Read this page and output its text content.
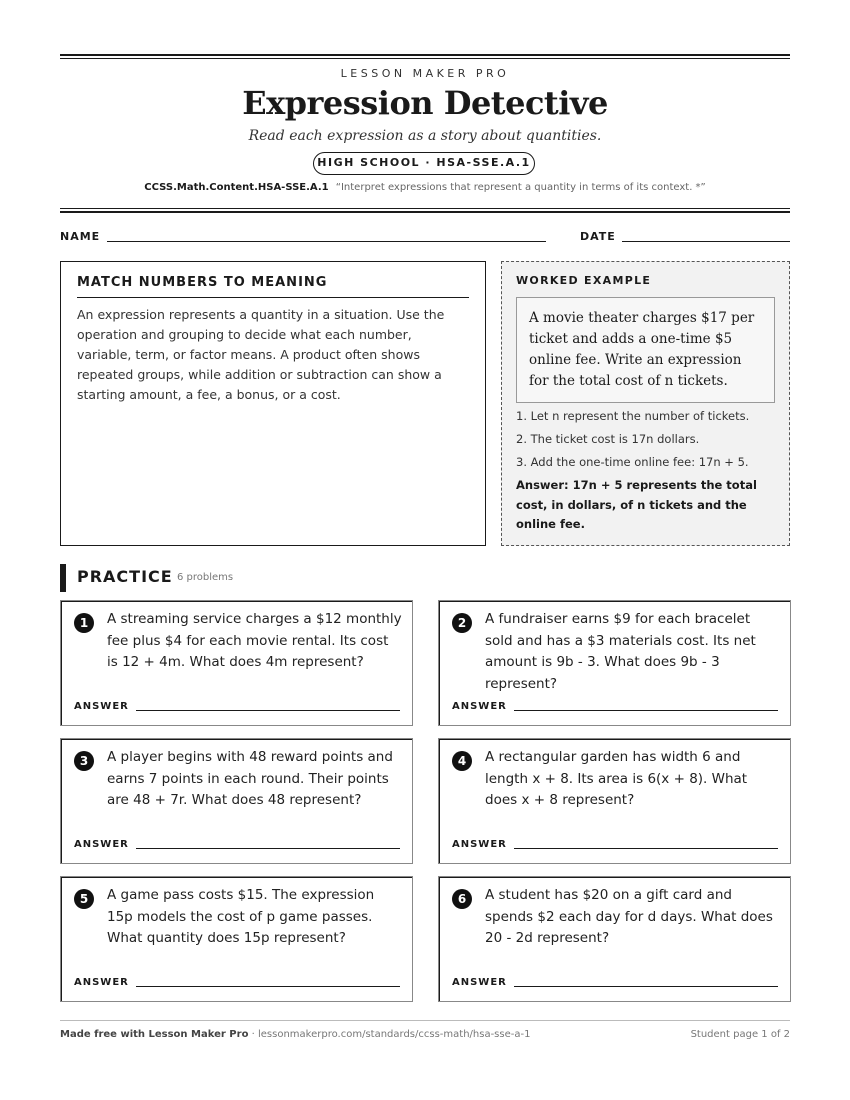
LESSON MAKER PRO
Expression Detective
Read each expression as a story about quantities.
HIGH SCHOOL · HSA-SSE.A.1
CCSS.Math.Content.HSA-SSE.A.1 “Interpret expressions that represent a quantity in terms of its context. *”
NAME	DATE
MATCH NUMBERS TO MEANING

An expression represents a quantity in a situation. Use the operation and grouping to decide what each number, variable, term, or factor means. A product often shows repeated groups, while addition or subtraction can show a starting amount, a fee, a bonus, or a cost.

WORKED EXAMPLE
A movie theater charges $17 per ticket and adds a one-time $5 online fee. Write an expression for the total cost of n tickets.
1. Let n represent the number of tickets.
2. The ticket cost is 17n dollars.
3. Add the one-time online fee: 17n + 5.
Answer: 17n + 5 represents the total cost, in dollars, of n tickets and the online fee.
PRACTICE 6 problems
1	A streaming service charges a $12 monthly fee plus $4 for each movie rental. Its cost is 12 + 4m. What does 4m represent?

ANSWER
2	A fundraiser earns $9 for each bracelet sold and has a $3 materials cost. Its net amount is 9b - 3. What does 9b - 3 represent?

ANSWER
3	A player begins with 48 reward points and earns 7 points in each round. Their points are 48 + 7r. What does 48 represent?

ANSWER
4	A rectangular garden has width 6 and length x + 8. Its area is 6(x + 8). What does x + 8 represent?

ANSWER
5	A game pass costs $15. The expression 15p models the cost of p game passes. What quantity does 15p represent?

ANSWER
6	A student has $20 on a gift card and spends $2 each day for d days. What does 20 - 2d represent?

ANSWER
Made free with Lesson Maker Pro · lessonmakerpro.com/standards/ccss-math/hsa-sse-a-1	Student page 1 of 2
